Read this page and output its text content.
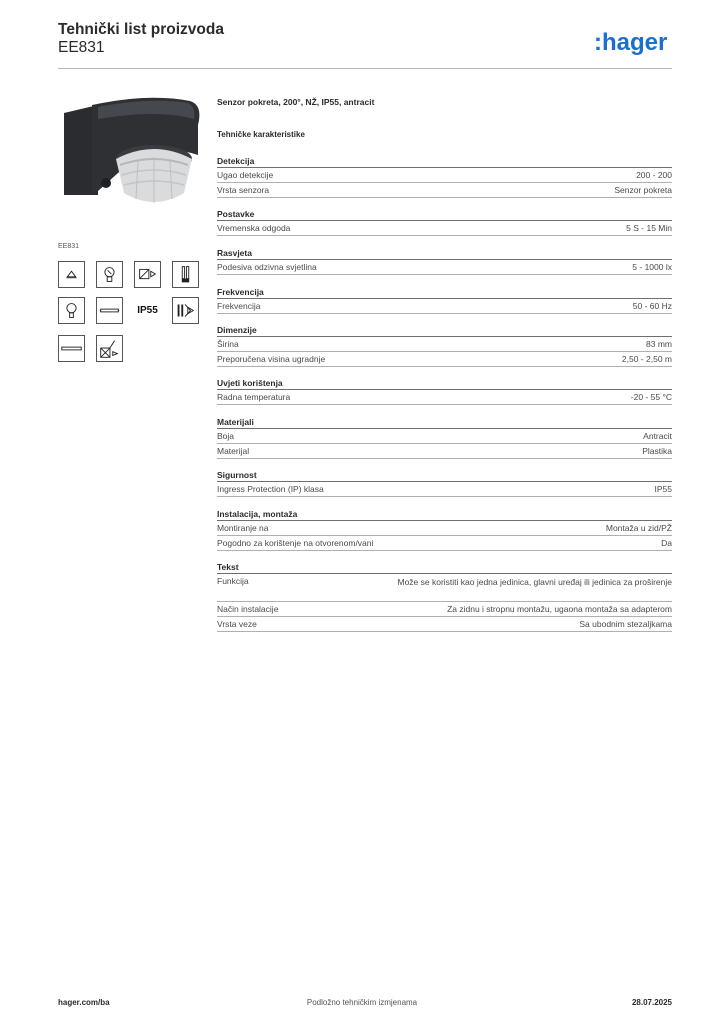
Tehnički list proizvoda
EE831	:hager
EE831
IP55
Senzor pokreta, 200°, NŽ, IP55, antracit
Tehničke karakteristike
Detekcija
Ugao detekcije	200 - 200
Vrsta senzora	Senzor pokreta
Postavke
Vremenska odgoda	5 S - 15 Min
Rasvjeta
Podesiva odzivna svjetlina	5 - 1000 lx
Frekvencija
Frekvencija	50 - 60 Hz
Dimenzije
Širina	83 mm
Preporučena visina ugradnje	2,50 - 2,50 m
Uvjeti korištenja
Radna temperatura	-20 - 55 °C
Materijali
Boja	Antracit
Materijal	Plastika
Sigurnost
Ingress Protection (IP) klasa	IP55
Instalacija, montaža
Montiranje na	Montaža u zid/PŽ
Pogodno za korištenje na otvorenom/vani	Da
Tekst
Funkcija	Može se koristiti kao jedna jedinica, glavni uređaj ili jedinica za proširenje
Način instalacije	Za zidnu i stropnu montažu, ugaona montaža sa adapterom
Vrsta veze	Sa ubodnim stezaljkama
Podložno tehničkim izmjenama
hager.com/ba	28.07.2025
